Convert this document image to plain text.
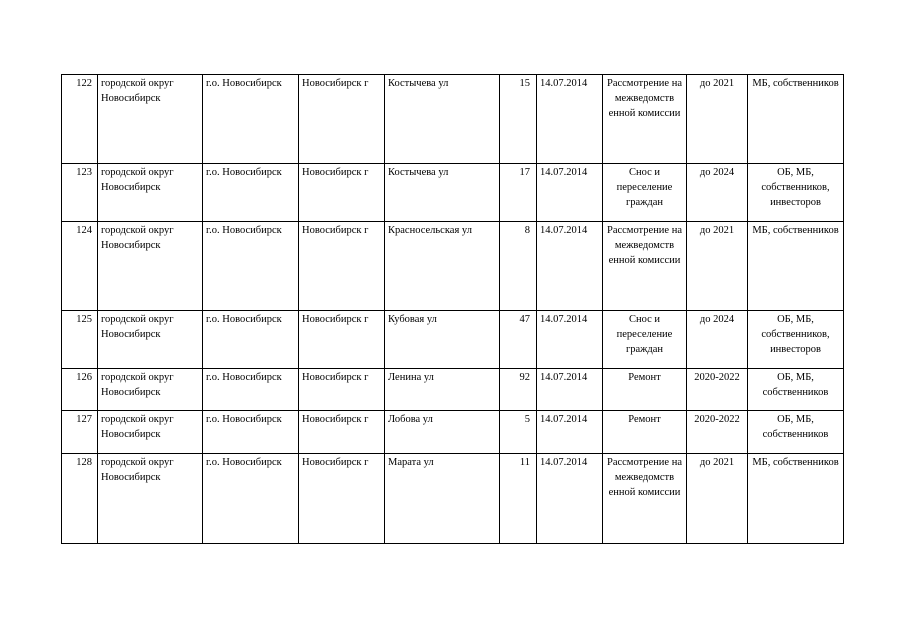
122	городской округ Новосибирск	г.о. Новосибирск	Новосибирск г	Костычева ул	15	14.07.2014	Рассмотрение на межведомств енной комиссии	до 2021	МБ, собственников
123	городской округ Новосибирск	г.о. Новосибирск	Новосибирск г	Костычева ул	17	14.07.2014	Снос и переселение граждан	до 2024	ОБ, МБ, собственников, инвесторов
124	городской округ Новосибирск	г.о. Новосибирск	Новосибирск г	Красносельская ул	8	14.07.2014	Рассмотрение на межведомств енной комиссии	до 2021	МБ, собственников
125	городской округ Новосибирск	г.о. Новосибирск	Новосибирск г	Кубовая ул	47	14.07.2014	Снос и переселение граждан	до 2024	ОБ, МБ, собственников, инвесторов
126	городской округ Новосибирск	г.о. Новосибирск	Новосибирск г	Ленина ул	92	14.07.2014	Ремонт	2020-2022	ОБ, МБ, собственников
127	городской округ Новосибирск	г.о. Новосибирск	Новосибирск г	Лобова ул	5	14.07.2014	Ремонт	2020-2022	ОБ, МБ, собственников
128	городской округ Новосибирск	г.о. Новосибирск	Новосибирск г	Марата ул	11	14.07.2014	Рассмотрение на межведомств енной комиссии	до 2021	МБ, собственников
